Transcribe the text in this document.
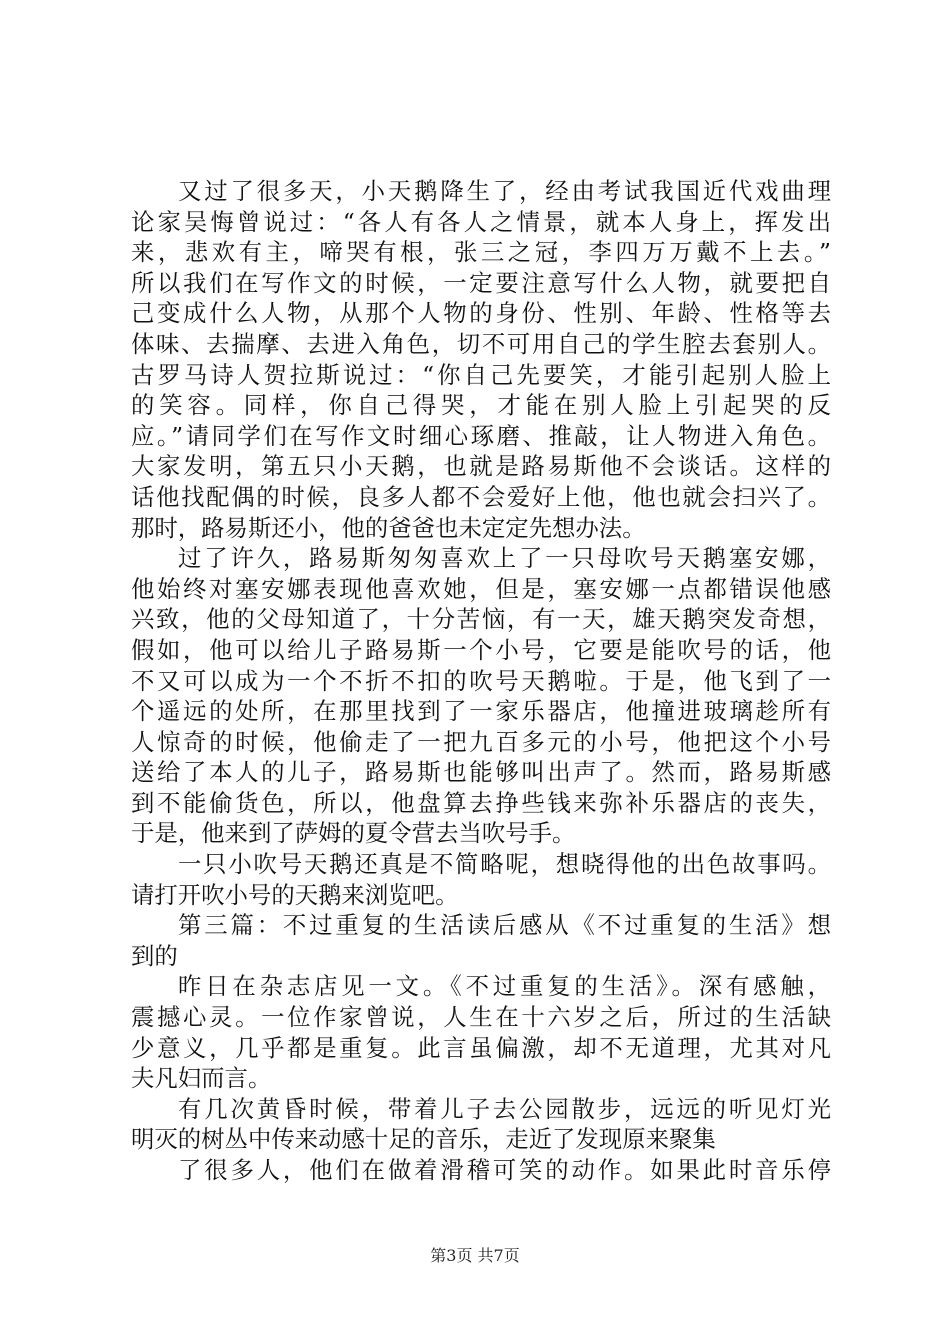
又过了很多天，小天鹅降生了，经由考试我国近代戏曲理
论家吴悔曾说过：“各人有各人之情景，就本人身上，挥发出
来，悲欢有主，啼哭有根，张三之冠，李四万万戴不上去。”
所以我们在写作文的时候，一定要注意写什么人物，就要把自
己变成什么人物，从那个人物的身份、性别、年龄、性格等去
体味、去揣摩、去进入角色，切不可用自己的学生腔去套别人。
古罗马诗人贺拉斯说过：“你自己先要笑，才能引起别人脸上
的笑容。同样，你自己得哭，才能在别人脸上引起哭的反
应。”请同学们在写作文时细心琢磨、推敲，让人物进入角色。
大家发明，第五只小天鹅，也就是路易斯他不会谈话。这样的
话他找配偶的时候，良多人都不会爱好上他，他也就会扫兴了。
那时，路易斯还小，他的爸爸也未定定先想办法。
过了许久，路易斯匆匆喜欢上了一只母吹号天鹅塞安娜，
他始终对塞安娜表现他喜欢她，但是，塞安娜一点都错误他感
兴致，他的父母知道了，十分苦恼，有一天，雄天鹅突发奇想，
假如，他可以给儿子路易斯一个小号，它要是能吹号的话，他
不又可以成为一个不折不扣的吹号天鹅啦。于是，他飞到了一
个遥远的处所，在那里找到了一家乐器店，他撞进玻璃趁所有
人惊奇的时候，他偷走了一把九百多元的小号，他把这个小号
送给了本人的儿子，路易斯也能够叫出声了。然而，路易斯感
到不能偷货色，所以，他盘算去挣些钱来弥补乐器店的丧失，
于是，他来到了萨姆的夏令营去当吹号手。
一只小吹号天鹅还真是不简略呢，想晓得他的出色故事吗。
请打开吹小号的天鹅来浏览吧。
第三篇：不过重复的生活读后感从《不过重复的生活》想
到的
昨日在杂志店见一文。《不过重复的生活》。深有感触，
震撼心灵。一位作家曾说，人生在十六岁之后，所过的生活缺
少意义，几乎都是重复。此言虽偏激，却不无道理，尤其对凡
夫凡妇而言。
有几次黄昏时候，带着儿子去公园散步，远远的听见灯光
明灭的树丛中传来动感十足的音乐，走近了发现原来聚集
了很多人，他们在做着滑稽可笑的动作。如果此时音乐停
第3页 共7页
